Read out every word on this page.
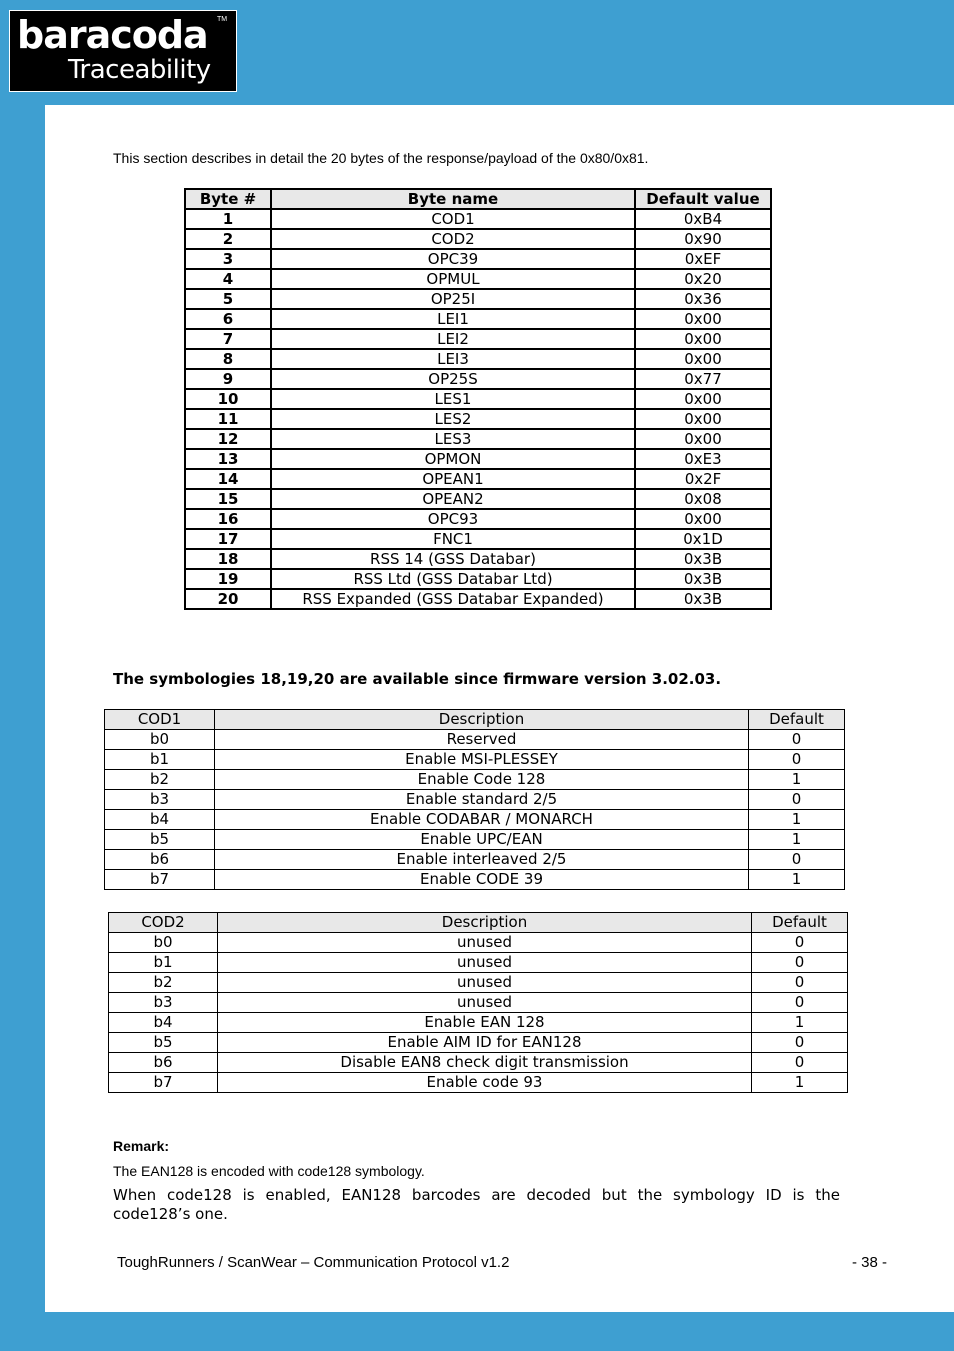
baracoda TM
Traceability
This section describes in detail the 20 bytes of the response/payload of the 0x80/0x81.
Byte #	Byte name	Default value
1	COD1	0xB4
2	COD2	0x90
3	OPC39	0xEF
4	OPMUL	0x20
5	OP25I	0x36
6	LEI1	0x00
7	LEI2	0x00
8	LEI3	0x00
9	OP25S	0x77
10	LES1	0x00
11	LES2	0x00
12	LES3	0x00
13	OPMON	0xE3
14	OPEAN1	0x2F
15	OPEAN2	0x08
16	OPC93	0x00
17	FNC1	0x1D
18	RSS 14 (GSS Databar)	0x3B
19	RSS Ltd (GSS Databar Ltd)	0x3B
20	RSS Expanded (GSS Databar Expanded)	0x3B
The symbologies 18,19,20 are available since firmware version 3.02.03.
COD1	Description	Default
b0	Reserved	0
b1	Enable MSI-PLESSEY	0
b2	Enable Code 128	1
b3	Enable standard 2/5	0
b4	Enable CODABAR / MONARCH	1
b5	Enable UPC/EAN	1
b6	Enable interleaved 2/5	0
b7	Enable CODE 39	1
COD2	Description	Default
b0	unused	0
b1	unused	0
b2	unused	0
b3	unused	0
b4	Enable EAN 128	1
b5	Enable AIM ID for EAN128	0
b6	Disable EAN8 check digit transmission	0
b7	Enable code 93	1
Remark:
The EAN128 is encoded with code128 symbology.
When code128 is enabled, EAN128 barcodes are decoded but the symbology ID is the code128’s one.
ToughRunners / ScanWear – Communication Protocol v1.2	- 38 -
